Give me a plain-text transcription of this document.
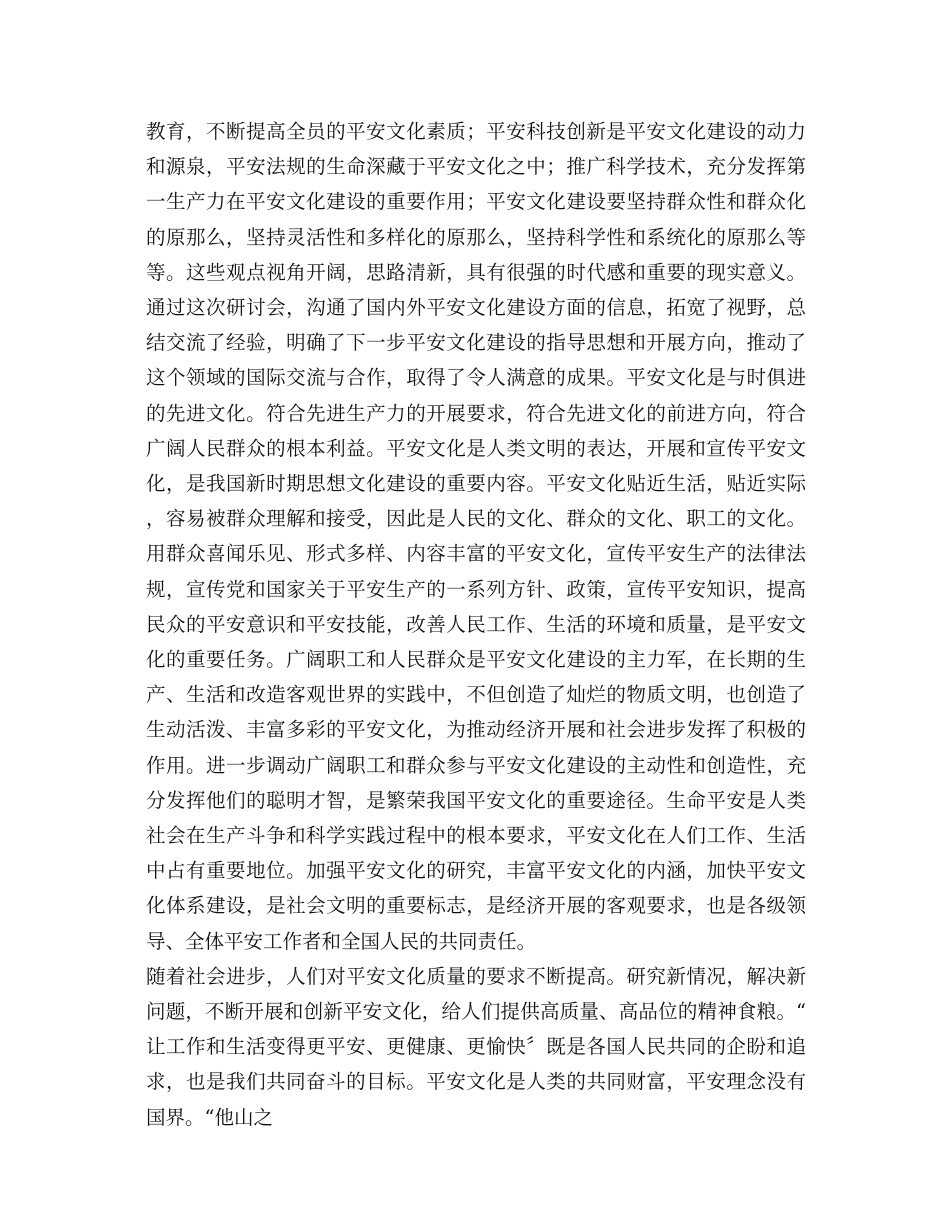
教育，不断提高全员的平安文化素质；平安科技创新是平安文化建设的动力和源泉，平安法规的生命深藏于平安文化之中；推广科学技术，充分发挥第一生产力在平安文化建设的重要作用；平安文化建设要坚持群众性和群众化的原那么，坚持灵活性和多样化的原那么，坚持科学性和系统化的原那么等等。这些观点视角开阔，思路清新，具有很强的时代感和重要的现实意义。通过这次研讨会，沟通了国内外平安文化建设方面的信息，拓宽了视野，总结交流了经验，明确了下一步平安文化建设的指导思想和开展方向，推动了这个领域的国际交流与合作，取得了令人满意的成果。平安文化是与时俱进的先进文化。符合先进生产力的开展要求，符合先进文化的前进方向，符合广阔人民群众的根本利益。平安文化是人类文明的表达，开展和宣传平安文化，是我国新时期思想文化建设的重要内容。平安文化贴近生活，贴近实际，容易被群众理解和接受，因此是人民的文化、群众的文化、职工的文化。用群众喜闻乐见、形式多样、内容丰富的平安文化，宣传平安生产的法律法规，宣传党和国家关于平安生产的一系列方针、政策，宣传平安知识，提高民众的平安意识和平安技能，改善人民工作、生活的环境和质量，是平安文化的重要任务。广阔职工和人民群众是平安文化建设的主力军，在长期的生产、生活和改造客观世界的实践中，不但创造了灿烂的物质文明，也创造了生动活泼、丰富多彩的平安文化，为推动经济开展和社会进步发挥了积极的作用。进一步调动广阔职工和群众参与平安文化建设的主动性和创造性，充分发挥他们的聪明才智，是繁荣我国平安文化的重要途径。生命平安是人类社会在生产斗争和科学实践过程中的根本要求，平安文化在人们工作、生活中占有重要地位。加强平安文化的研究，丰富平安文化的内涵，加快平安文化体系建设，是社会文明的重要标志，是经济开展的客观要求，也是各级领导、全体平安工作者和全国人民的共同责任。

随着社会进步，人们对平安文化质量的要求不断提高。研究新情况，解决新问题，不断开展和创新平安文化，给人们提供高质量、高品位的精神食粮。“让工作和生活变得更平安、更健康、更愉快〞既是各国人民共同的企盼和追求，也是我们共同奋斗的目标。平安文化是人类的共同财富，平安理念没有国界。“他山之
